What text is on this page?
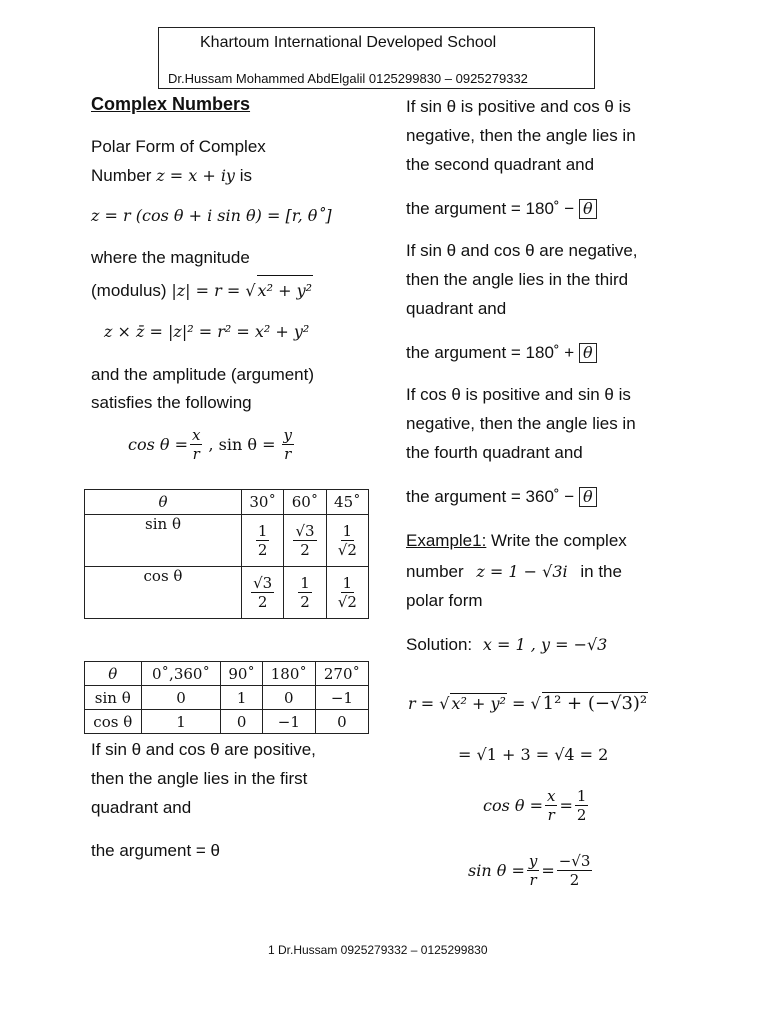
Khartoum International Developed School
Dr.Hussam Mohammed AbdElgalil 0125299830 – 0925279332
Complex Numbers
Polar Form of Complex
Number z = x + iy is
z = r (cos θ + i sin θ) = [r, θ˚]
where the magnitude
(modulus) |z| = r = √ x² + y²
z × z̄ = |z|² = r² = x² + y²
and the amplitude (argument)
satisfies the following
$\cos \theta = \frac{x}{r}$ , $\sin \theta = \frac{y}{r}$
θ	30˚	60˚	45˚
sin θ	$\frac{1}{2}$	$\frac{√3}{2}$	$\frac{1}{√2}$

cos θ	$\frac{√3}{2}$	$\frac{1}{2}$	$\frac{1}{√2}$
θ	0˚,360˚	90˚	180˚	270˚
sin θ	0	1	0	−1
cos θ	1	0	−1	0
If sin θ and cos θ are positive,
then the angle lies in the first
quadrant and
the argument = θ
If sin θ is positive and cos θ is
negative, then the angle lies in
the second quadrant and
the argument = 180˚ − θ
If sin θ and cos θ are negative,
then the angle lies in the third
quadrant and
the argument = 180˚ + θ
If cos θ is positive and sin θ is
negative, then the angle lies in
the fourth quadrant and
the argument = 360˚ − θ
Example1: Write the complex
number z = 1 − √3i in the
polar form
Solution: x = 1 , y = −√3
r = √ x² + y² = √ 1² + (−√3)²
= √1 + 3 = √4 = 2
$\cos \theta = \frac{x}{r} = \frac{1}{2}$
$\sin \theta = \frac{y}{r} = \frac{-√3}{2}$
1 Dr.Hussam 0925279332 – 0125299830
